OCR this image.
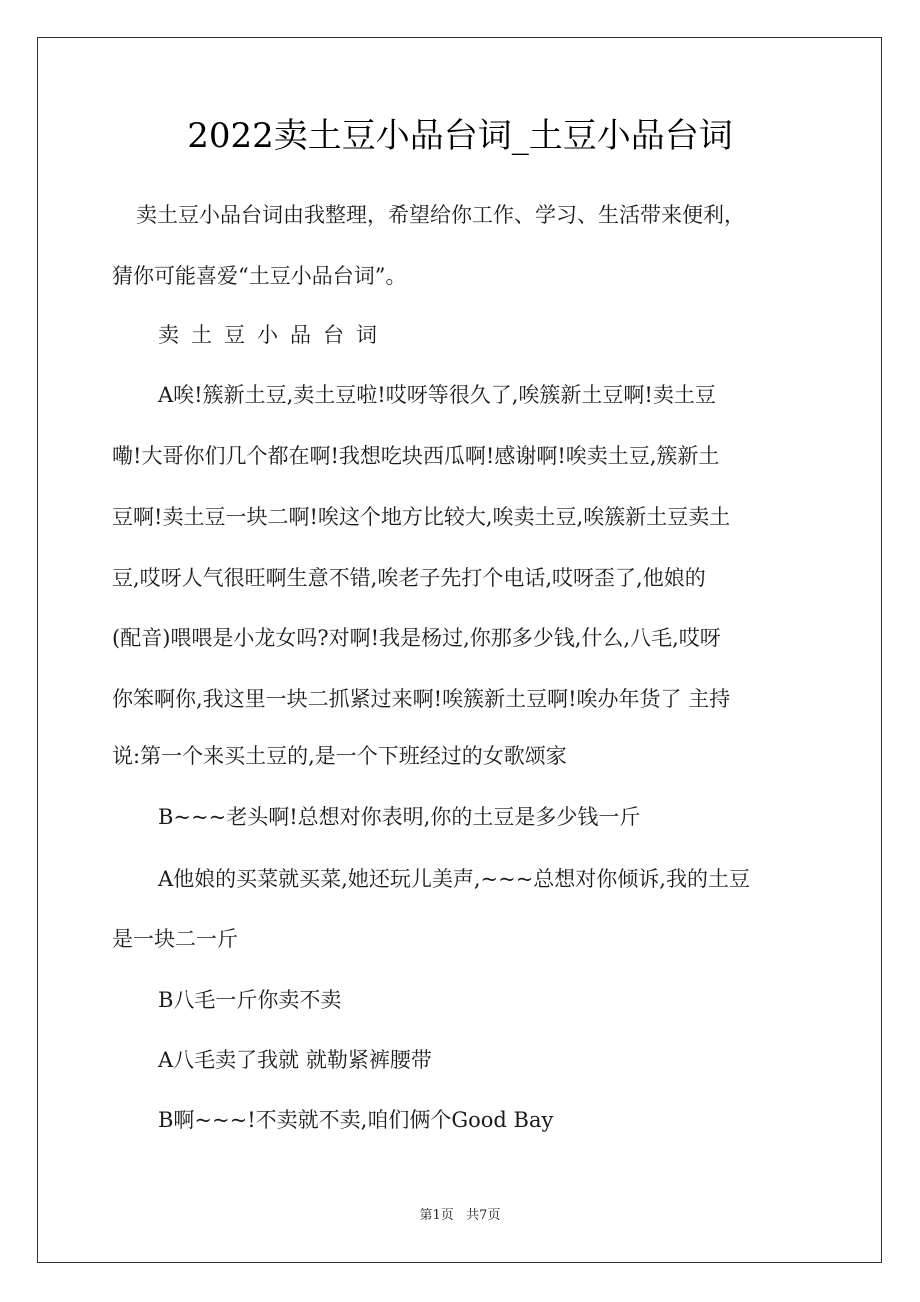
2022卖土豆小品台词_土豆小品台词
卖土豆小品台词由我整理，希望给你工作、学习、生活带来便利，
猜你可能喜爱“土豆小品台词”。
卖土豆小品台词
A唉!簇新土豆,卖土豆啦!哎呀等很久了,唉簇新土豆啊!卖土豆
嘞!大哥你们几个都在啊!我想吃块西瓜啊!感谢啊!唉卖土豆,簇新土
豆啊!卖土豆一块二啊!唉这个地方比较大,唉卖土豆,唉簇新土豆卖土
豆,哎呀人气很旺啊生意不错,唉老子先打个电话,哎呀歪了,他娘的
(配音)喂喂是小龙女吗?对啊!我是杨过,你那多少钱,什么,八毛,哎呀
你笨啊你,我这里一块二抓紧过来啊!唉簇新土豆啊!唉办年货了 主持
说:第一个来买土豆的,是一个下班经过的女歌颂家
B~~~老头啊!总想对你表明,你的土豆是多少钱一斤
A他娘的买菜就买菜,她还玩儿美声,~~~总想对你倾诉,我的土豆
是一块二一斤
B八毛一斤你卖不卖
A八毛卖了我就 就勒紧裤腰带
B啊~~~!不卖就不卖,咱们俩个Good Bay
第1页   共7页
